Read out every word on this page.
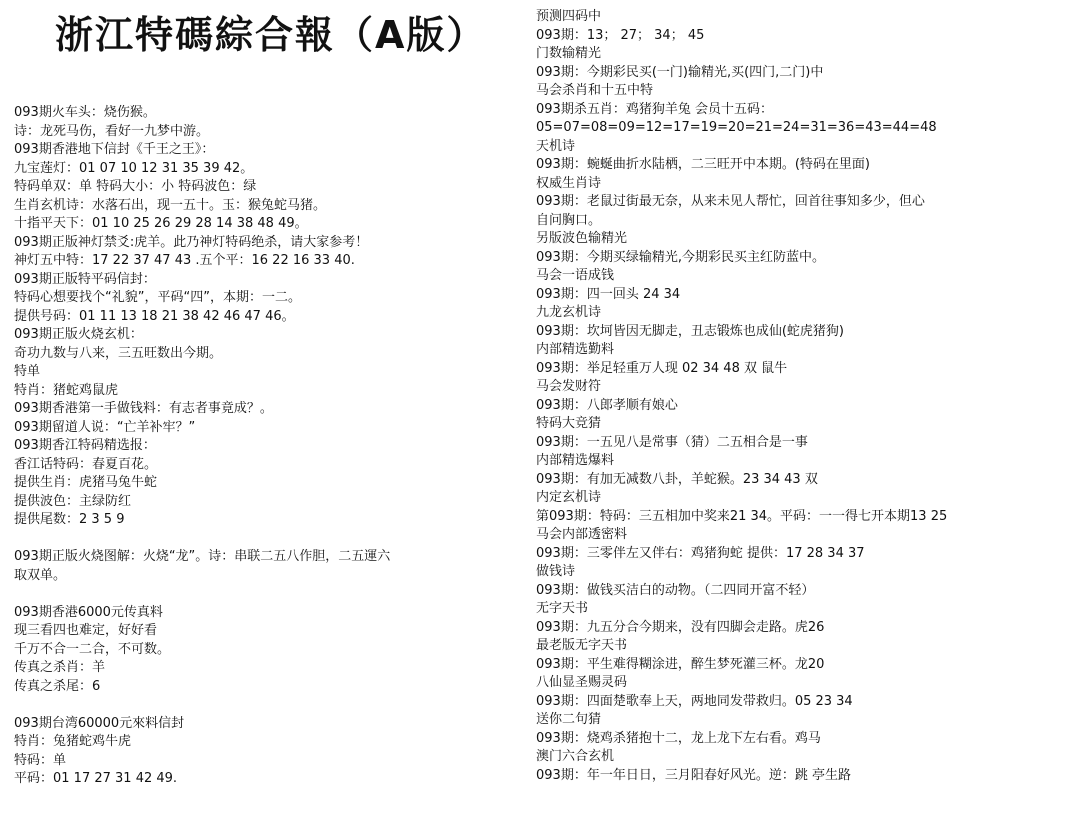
浙江特碼綜合報（A版）
093期火车头：烧伤猴。
诗：龙死马伤，看好一九梦中游。
093期香港地下信封《千王之王》：
九宝莲灯：01 07 10 12 31 35 39 42。
特码单双：单 特码大小：小 特码波色：绿
生肖玄机诗：水落石出，现一五十。玉：猴兔蛇马猪。
十指平天下：01 10 25 26 29 28 14 38 48 49。
093期正版神灯禁爻:虎羊。此乃神灯特码绝杀，请大家参考！
神灯五中特：17 22 37 47 43 .五个平：16 22 16 33 40.
093期正版特平码信封：
特码心想要找个“礼貌”，平码“四”，本期：一二。
提供号码：01 11 13 18 21 38 42 46 47 46。
093期正版火烧玄机：
奇功九数与八来，三五旺数出今期。
特单
特肖：猪蛇鸡鼠虎
093期香港第一手做钱料：有志者事竟成？。
093期留道人说：“亡羊补牢？”
093期香江特码精选报：
香江话特码：春夏百花。
提供生肖：虎猪马兔牛蛇
提供波色：主绿防红
提供尾数：2 3 5 9
093期正版火烧图解：火烧“龙”。诗：串联二五八作胆，二五運六
取双单。
093期香港6000元传真料
现三看四也难定，好好看
千万不合一二合，不可数。
传真之杀肖：羊
传真之杀尾：6
093期台湾60000元來料信封
特肖：兔猪蛇鸡牛虎
特码：单
平码：01 17 27 31 42 49.
预测四码中
093期：13； 27； 34； 45
门数输精光
093期：今期彩民买(一门)输精光,买(四门,二门)中
马会杀肖和十五中特
093期杀五肖：鸡猪狗羊兔 会员十五码：
05=07=08=09=12=17=19=20=21=24=31=36=43=44=48
天机诗
093期：蜿蜒曲折水陆栖，二三旺开中本期。(特码在里面)
权威生肖诗
093期：老鼠过街最无奈，从来未见人帮忙，回首往事知多少，但心
自问胸口。
另版波色输精光
093期：今期买绿输精光,今期彩民买主红防蓝中。
马会一语成钱
093期：四一回头 24 34
九龙玄机诗
093期：坎坷皆因无脚走，丑志锻炼也成仙(蛇虎猪狗)
内部精选勤料
093期：举足轻重万人现 02 34 48 双 鼠牛
马会发财符
093期：八郎孝顺有娘心
特码大竞猜
093期：一五见八是常事（猜）二五相合是一事
内部精选爆料
093期：有加无减数八卦，羊蛇猴。23 34 43 双
内定玄机诗
第093期：特码：三五相加中奖来21 34。平码：一一得七开本期13 25
马会内部透密料
093期：三零伴左又伴右：鸡猪狗蛇 提供：17 28 34 37
做钱诗
093期：做钱买洁白的动物。（二四同开富不轻）
无字天书
093期：九五分合今期来，没有四脚会走路。虎26
最老版无字天书
093期：平生难得糊涂进，醉生梦死灌三杯。龙20
八仙显圣赐灵码
093期：四面楚歌奉上天，两地同发带救归。05 23 34
送你二句猜
093期：烧鸡杀猪抱十二，龙上龙下左右看。鸡马
澳门六合玄机
093期：年一年日日，三月阳春好风光。逆：跳 亭生路
